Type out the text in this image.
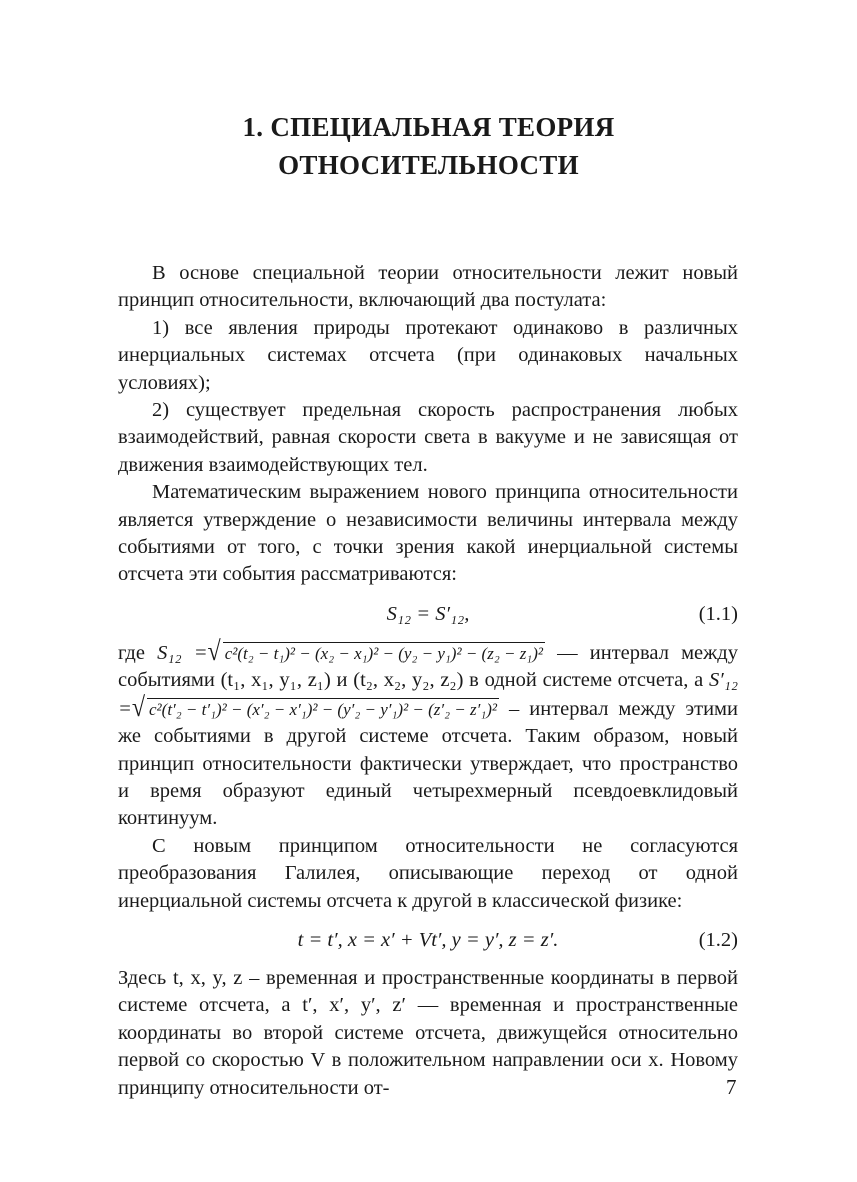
1. СПЕЦИАЛЬНАЯ ТЕОРИЯ
ОТНОСИТЕЛЬНОСТИ

В основе специальной теории относительности лежит новый принцип относительности, включающий два постулата:

1) все явления природы протекают одинаково в различных инерциальных системах отсчета (при одинаковых начальных условиях);

2) существует предельная скорость распространения любых взаимодействий, равная скорости света в вакууме и не зависящая от движения взаимодействующих тел.

Математическим выражением нового принципа относительности является утверждение о независимости величины интервала между событиями от того, с точки зрения какой инерциальной системы отсчета эти события рассматриваются:

S₁₂ = S′₁₂,	(1.1)

где S₁₂ =√ c²(t₂ − t₁)² − (x₂ − x₁)² − (y₂ − y₁)² − (z₂ − z₁)² — интервал между событиями (t₁, x₁, y₁, z₁) и (t₂, x₂, y₂, z₂) в одной системе отсчета, а S′₁₂ =√ c²(t′₂ − t′₁)² − (x′₂ − x′₁)² − (y′₂ − y′₁)² − (z′₂ − z′₁)² – интервал между этими же событиями в другой системе отсчета. Таким образом, новый принцип относительности фактически утверждает, что пространство и время образуют единый четырехмерный псевдоевклидовый континуум.

С новым принципом относительности не согласуются преобразования Галилея, описывающие переход от одной инерциальной системы отсчета к другой в классической физике:

t = t′, x = x′ + Vt′, y = y′, z = z′.	(1.2)

Здесь t, x, y, z – временная и пространственные координаты в первой системе отсчета, а t′, x′, y′, z′ — временная и пространственные координаты во второй системе отсчета, движущейся относительно первой со скоростью V в положительном направлении оси x. Новому принципу относительности от-	7
